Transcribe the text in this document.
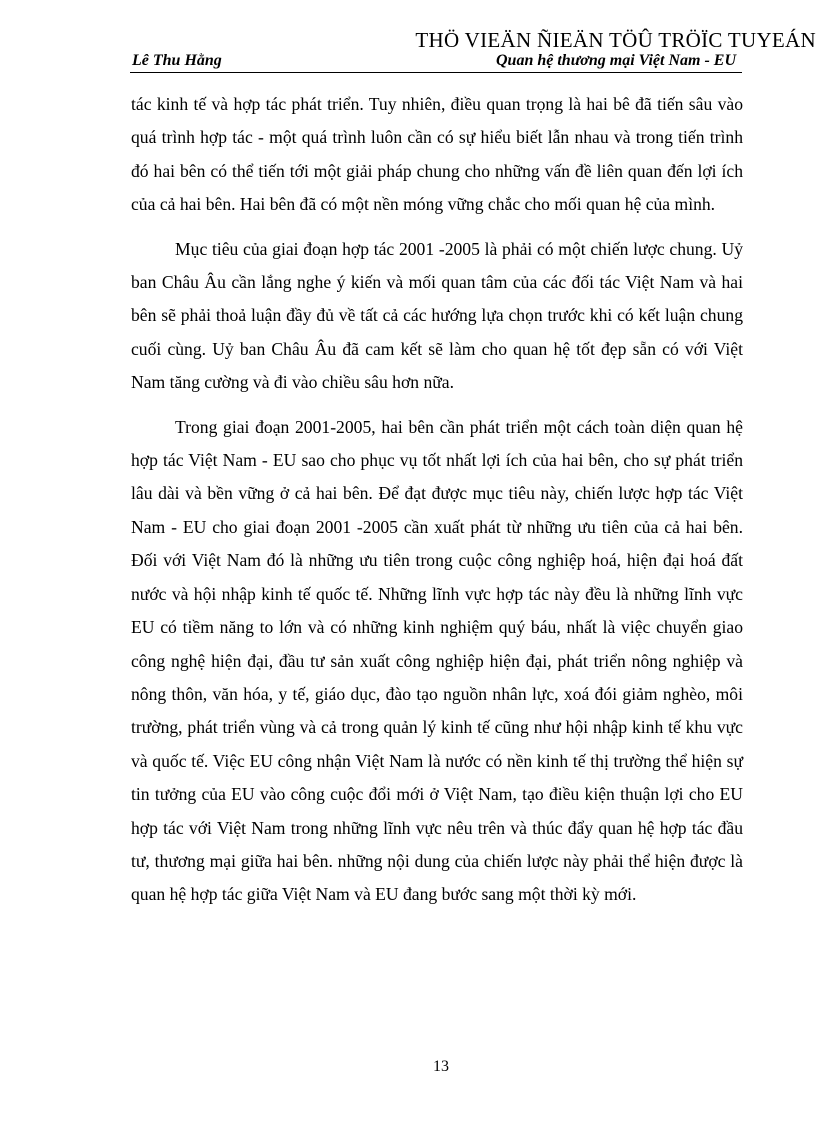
THÖ VIEÄN ÑIEÄN TÖÛ TRÖÏC TUYEÁN
Lê Thu Hằng	Quan hệ thương mại Việt Nam - EU

tác kinh tế và hợp tác phát triển. Tuy nhiên, điều quan trọng là hai bê đã tiến sâu vào quá trình hợp tác - một quá trình luôn cần có sự hiểu biết lẫn nhau và trong tiến trình đó hai bên có thể tiến tới một giải pháp chung cho những vấn đề liên quan đến lợi ích của cả hai bên. Hai bên đã có một nền móng vững chắc cho mối quan hệ của mình.

Mục tiêu của giai đoạn hợp tác 2001 -2005 là phải có một chiến lược chung. Uỷ ban Châu Âu cần lắng nghe ý kiến và mối quan tâm của các đối tác Việt Nam và hai bên sẽ phải thoả luận đầy đủ về tất cả các hướng lựa chọn trước khi có kết luận chung cuối cùng. Uỷ ban Châu Âu đã cam kết sẽ làm cho quan hệ tốt đẹp sẵn có với Việt Nam tăng cường và đi vào chiều sâu hơn nữa.

Trong giai đoạn 2001-2005, hai bên cần phát triển một cách toàn diện quan hệ hợp tác Việt Nam - EU sao cho phục vụ tốt nhất lợi ích của hai bên, cho sự phát triển lâu dài và bền vững ở cả hai bên. Để đạt được mục tiêu này, chiến lược hợp tác Việt Nam - EU cho giai đoạn 2001 -2005 cần xuất phát từ những ưu tiên của cả hai bên. Đối với Việt Nam đó là những ưu tiên trong cuộc công nghiệp hoá, hiện đại hoá đất nước và hội nhập kinh tế quốc tế. Những lĩnh vực hợp tác này đều là những lĩnh vực EU có tiềm năng to lớn và có những kinh nghiệm quý báu, nhất là việc chuyển giao công nghệ hiện đại, đầu tư sản xuất công nghiệp hiện đại, phát triển nông nghiệp và nông thôn, văn hóa, y tế, giáo dục, đào tạo nguồn nhân lực, xoá đói giảm nghèo, môi trường, phát triển vùng và cả trong quản lý kinh tế cũng như hội nhập kinh tế khu vực và quốc tế. Việc EU công nhận Việt Nam là nước có nền kinh tế thị trường thể hiện sự tin tưởng của EU vào công cuộc đổi mới ở Việt Nam, tạo điều kiện thuận lợi cho EU hợp tác với Việt Nam trong những lĩnh vực nêu trên và thúc đẩy quan hệ hợp tác đầu tư, thương mại giữa hai bên. những nội dung của chiến lược này phải thể hiện được là quan hệ hợp tác giữa Việt Nam và EU đang bước sang một thời kỳ mới.

13
